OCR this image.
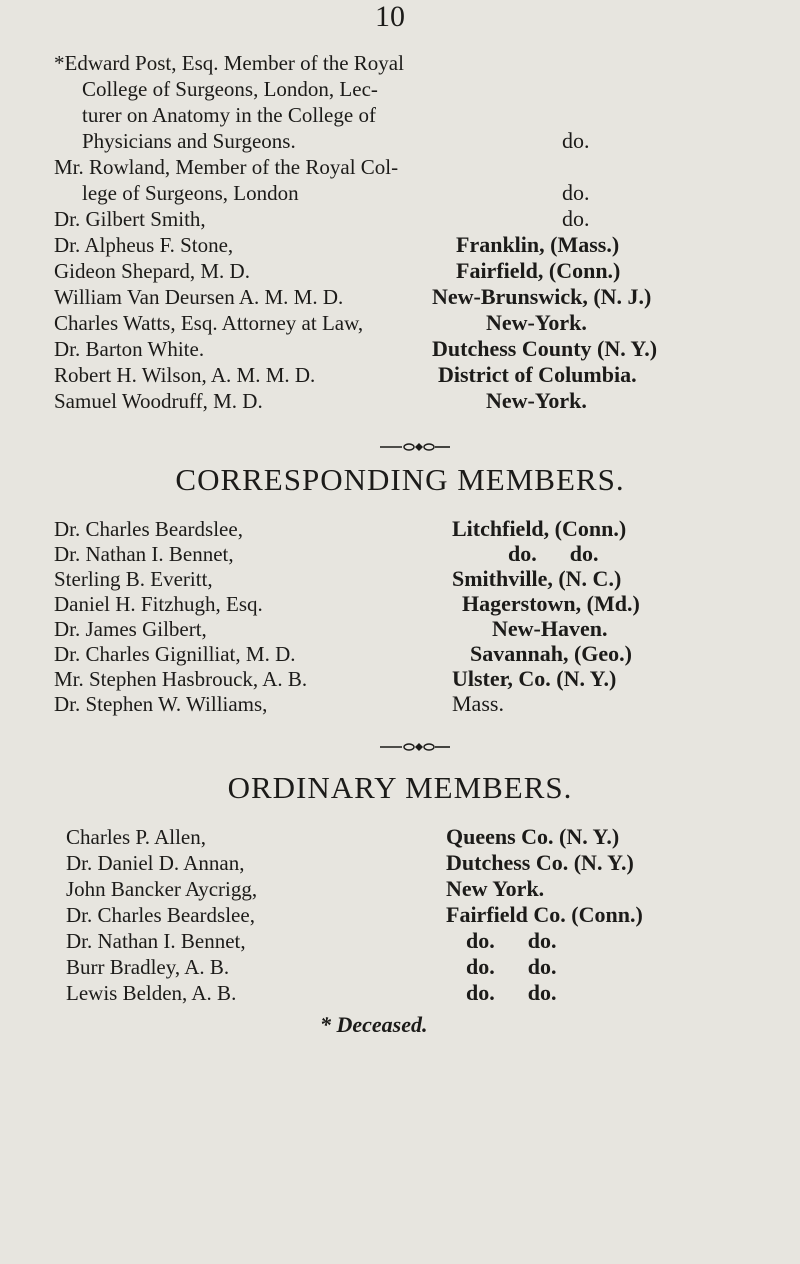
10
*Edward Post, Esq. Member of the Royal
College of Surgeons, London, Lec-
turer on Anatomy in the College of
Physicians and Surgeons.	do.
Mr. Rowland, Member of the Royal Col-
lege of Surgeons, London	do.
Dr. Gilbert Smith,	do.
Dr. Alpheus F. Stone,	Franklin, (Mass.)
Gideon Shepard, M. D.	Fairfield, (Conn.)
William Van Deursen A. M. M. D.	New-Brunswick, (N. J.)
Charles Watts, Esq. Attorney at Law,	New-York.
Dr. Barton White.	Dutchess County (N. Y.)
Robert H. Wilson, A. M. M. D.	District of Columbia.
Samuel Woodruff, M. D.	New-York.
CORRESPONDING MEMBERS.
Dr. Charles Beardslee,	Litchfield, (Conn.)
Dr. Nathan I. Bennet,	do.      do.
Sterling B. Everitt,	Smithville, (N. C.)
Daniel H. Fitzhugh, Esq.	Hagerstown, (Md.)
Dr. James Gilbert,	New-Haven.
Dr. Charles Gignilliat, M. D.	Savannah, (Geo.)
Mr. Stephen Hasbrouck, A. B.	Ulster, Co. (N. Y.)
Dr. Stephen W. Williams,	Mass.
ORDINARY MEMBERS.
Charles P. Allen,	Queens Co. (N. Y.)
Dr. Daniel D. Annan,	Dutchess Co. (N. Y.)
John Bancker Aycrigg,	New York.
Dr. Charles Beardslee,	Fairfield Co. (Conn.)
Dr. Nathan I. Bennet,	do.      do.
Burr Bradley, A. B.	do.      do.
Lewis Belden, A. B.	do.      do.
* Deceased.
